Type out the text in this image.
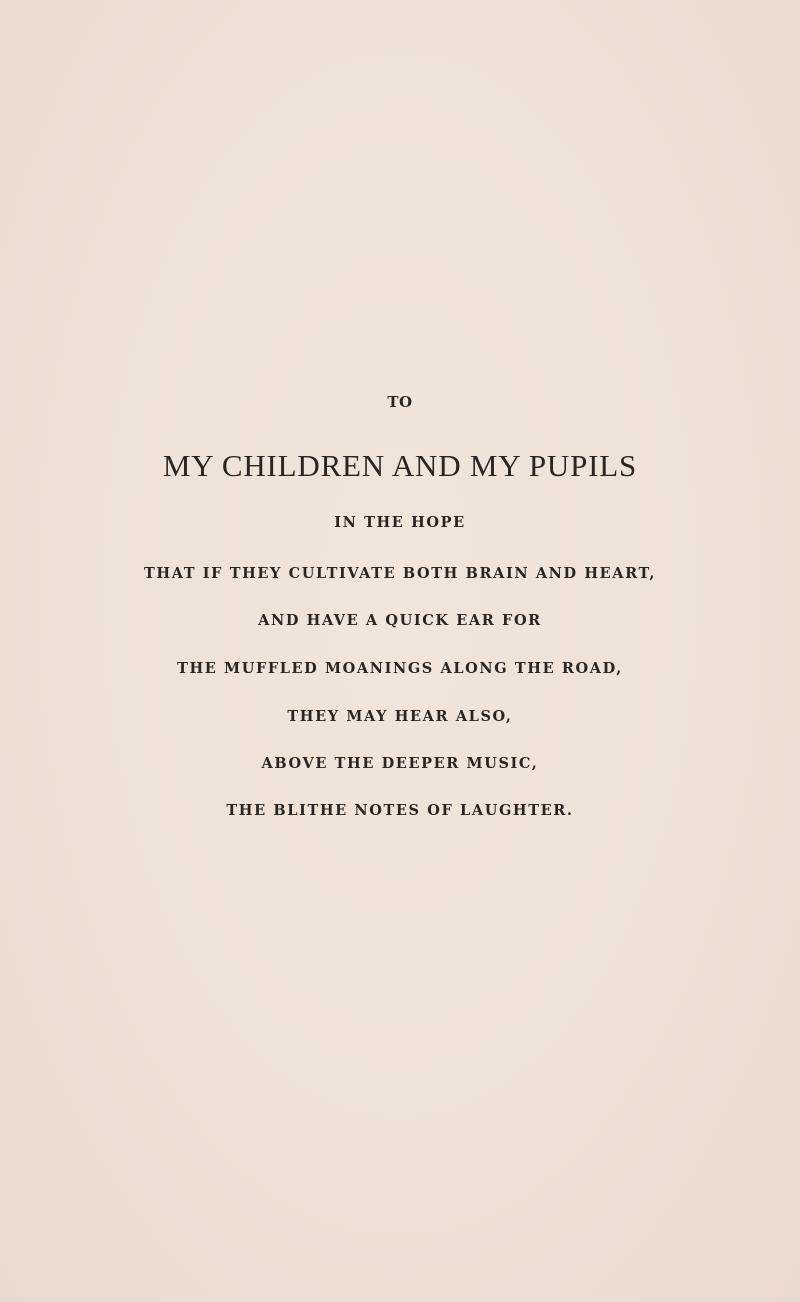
TO
MY CHILDREN AND MY PUPILS
IN THE HOPE
THAT IF THEY CULTIVATE BOTH BRAIN AND HEART,
AND HAVE A QUICK EAR FOR
THE MUFFLED MOANINGS ALONG THE ROAD,
THEY MAY HEAR ALSO,
ABOVE THE DEEPER MUSIC,
THE BLITHE NOTES OF LAUGHTER.
